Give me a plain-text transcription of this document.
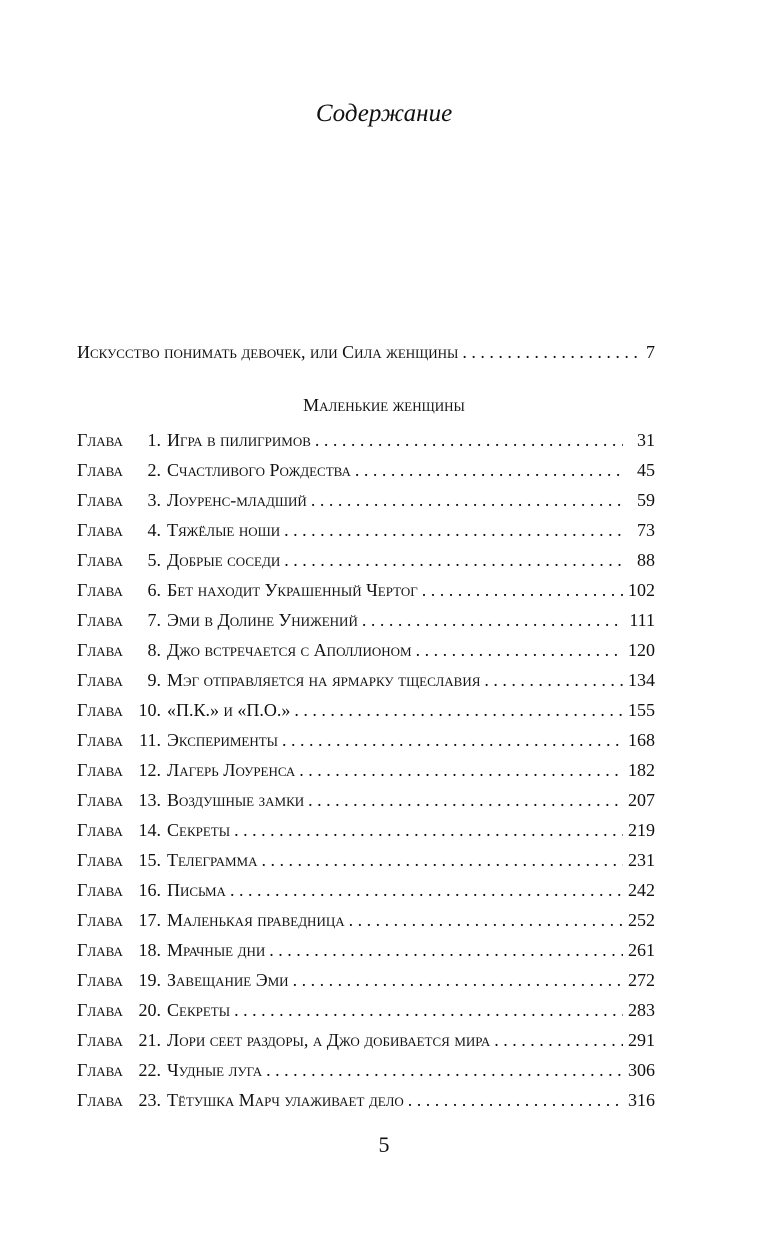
Содержание
Искусство понимать девочек, или Сила женщины . . .	7
Маленькие женщины
Глава	1. Игра в пилигримов . . .	31
Глава	2. Счастливого Рождества . . .	45
Глава	3. Лоуренс-младший . . .	59
Глава	4. Тяжёлые ноши . . .	73
Глава	5. Добрые соседи . . .	88
Глава	6. Бет находит Украшенный Чертог . . .	102
Глава	7. Эми в Долине Унижений . . .	111
Глава	8. Джо встречается с Аполлионом . . .	120
Глава	9. Мэг отправляется на ярмарку тщеславия . . .	134
Глава 10. «П.К.» и «П.О.» . . .	155
Глава 11. Эксперименты . . .	168
Глава 12. Лагерь Лоуренса . . .	182
Глава 13. Воздушные замки . . .	207
Глава 14. Секреты . . .	219
Глава 15. Телеграмма . . .	231
Глава 16. Письма . . .	242
Глава 17. Маленькая праведница . . .	252
Глава 18. Мрачные дни . . .	261
Глава 19. Завещание Эми . . .	272
Глава 20. Секреты . . .	283
Глава 21. Лори сеет раздоры, а Джо добивается мира . . .	291
Глава 22. Чудные луга . . .	306
Глава 23. Тётушка Марч улаживает дело . . .	316
5
